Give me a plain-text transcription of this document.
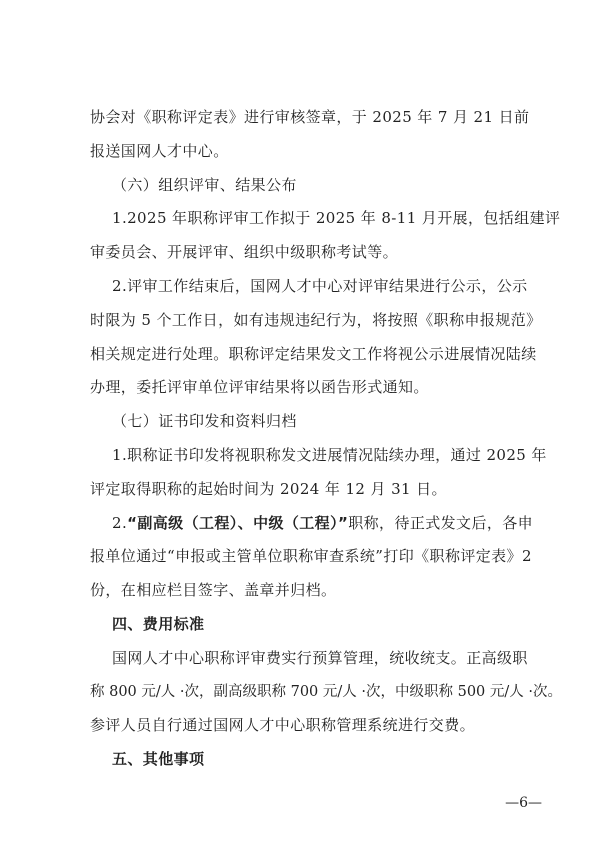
协会对《职称评定表》进行审核签章，于 2025 年 7 月 21 日前
报送国网人才中心。
（六）组织评审、结果公布
1.2025 年职称评审工作拟于 2025 年 8-11 月开展，包括组建评
审委员会、开展评审、组织中级职称考试等。
2.评审工作结束后，国网人才中心对评审结果进行公示，公示
时限为 5 个工作日，如有违规违纪行为，将按照《职称申报规范》
相关规定进行处理。职称评定结果发文工作将视公示进展情况陆续
办理，委托评审单位评审结果将以函告形式通知。
（七）证书印发和资料归档
1.职称证书印发将视职称发文进展情况陆续办理，通过 2025 年
评定取得职称的起始时间为 2024 年 12 月 31 日。
2.“副高级（工程）、中级（工程）”职称，待正式发文后，各申
报单位通过“申报或主管单位职称审查系统”打印《职称评定表》2
份，在相应栏目签字、盖章并归档。
四、费用标准
国网人才中心职称评审费实行预算管理，统收统支。正高级职
称 800 元/人 ·次，副高级职称 700 元/人 ·次，中级职称 500 元/人 ·次。
参评人员自行通过国网人才中心职称管理系统进行交费。
五、其他事项
—6—
